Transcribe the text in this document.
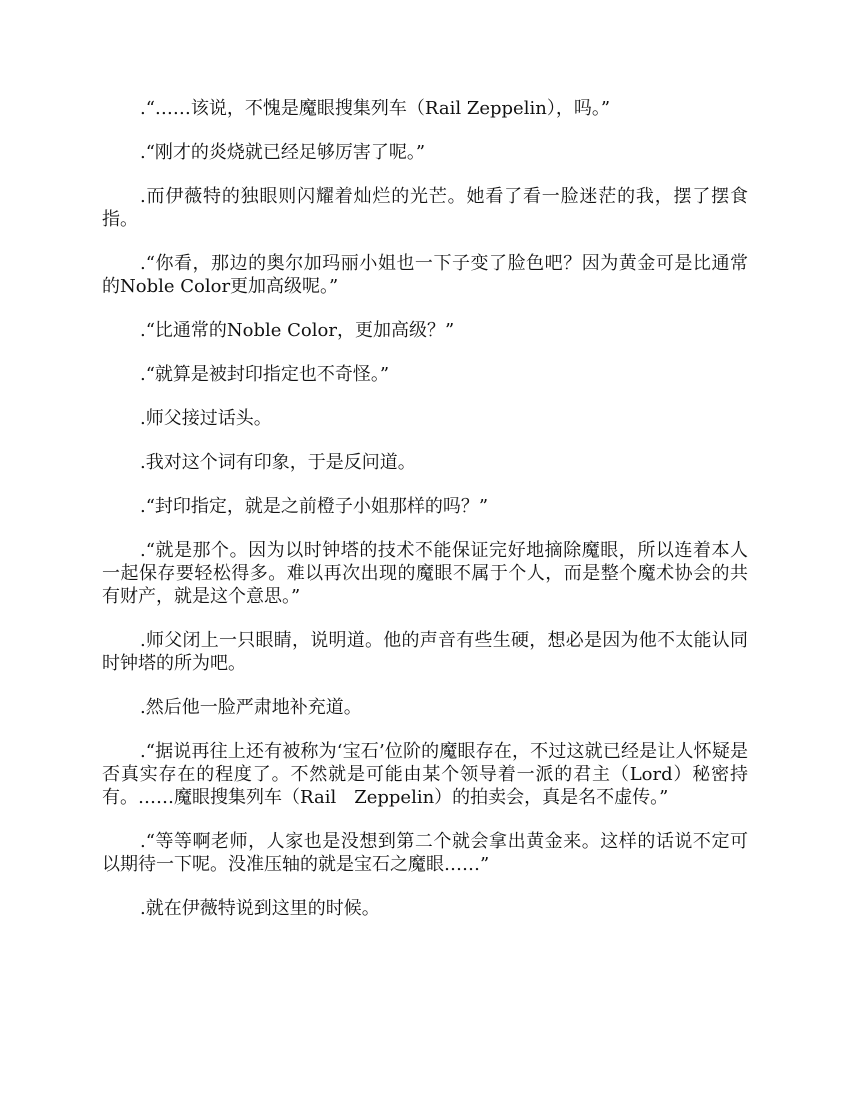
.“……该说，不愧是魔眼搜集列车（Rail Zeppelin），吗。”

.“刚才的炎烧就已经足够厉害了呢。”

.而伊薇特的独眼则闪耀着灿烂的光芒。她看了看一脸迷茫的我，摆了摆食指。

.“你看，那边的奥尔加玛丽小姐也一下子变了脸色吧？因为黄金可是比通常的Noble Color更加高级呢。”

.“比通常的Noble Color，更加高级？”

.“就算是被封印指定也不奇怪。”

.师父接过话头。

.我对这个词有印象，于是反问道。

.“封印指定，就是之前橙子小姐那样的吗？”

.“就是那个。因为以时钟塔的技术不能保证完好地摘除魔眼，所以连着本人一起保存要轻松得多。难以再次出现的魔眼不属于个人，而是整个魔术协会的共有财产，就是这个意思。”

.师父闭上一只眼睛，说明道。他的声音有些生硬，想必是因为他不太能认同时钟塔的所为吧。

.然后他一脸严肃地补充道。

.“据说再往上还有被称为‘宝石’位阶的魔眼存在，不过这就已经是让人怀疑是否真实存在的程度了。不然就是可能由某个领导着一派的君主（Lord）秘密持有。……魔眼搜集列车（Rail　Zeppelin）的拍卖会，真是名不虚传。”

.“等等啊老师，人家也是没想到第二个就会拿出黄金来。这样的话说不定可以期待一下呢。没准压轴的就是宝石之魔眼……”

.就在伊薇特说到这里的时候。
